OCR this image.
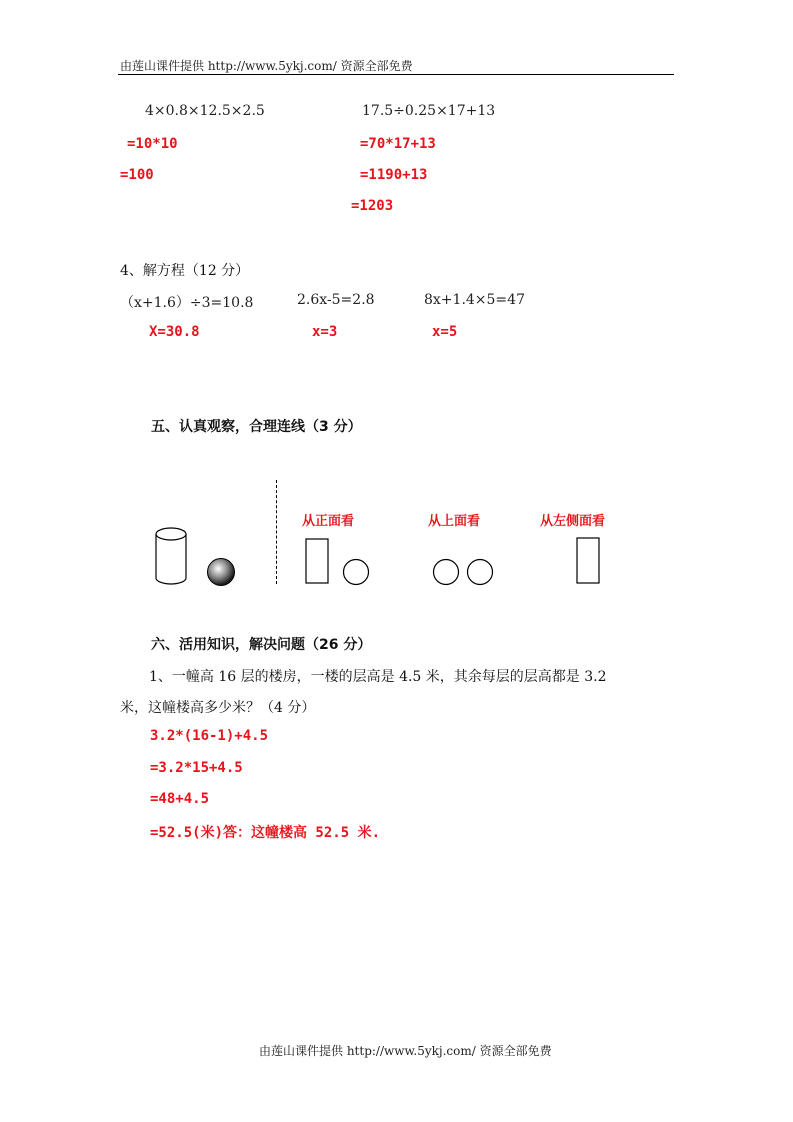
由莲山课件提供 http://www.5ykj.com/ 资源全部免费
4×0.8×12.5×2.5
=10*10
=100
17.5÷0.25×17+13
=70*17+13
=1190+13
=1203
4、解方程（12 分）
（x+1.6）÷3=10.8	2.6x-5=2.8	8x+1.4×5=47
X=30.8	x=3	x=5
五、认真观察，合理连线（3 分）
从正面看	从上面看	从左侧面看
六、活用知识，解决问题（26 分）
1、一幢高 16 层的楼房，一楼的层高是 4.5 米，其余每层的层高都是 3.2
米，这幢楼高多少米？（4 分）
3.2*(16-1)+4.5
=3.2*15+4.5
=48+4.5
=52.5(米)答：这幢楼高 52.5 米.
由莲山课件提供 http://www.5ykj.com/ 资源全部免费
